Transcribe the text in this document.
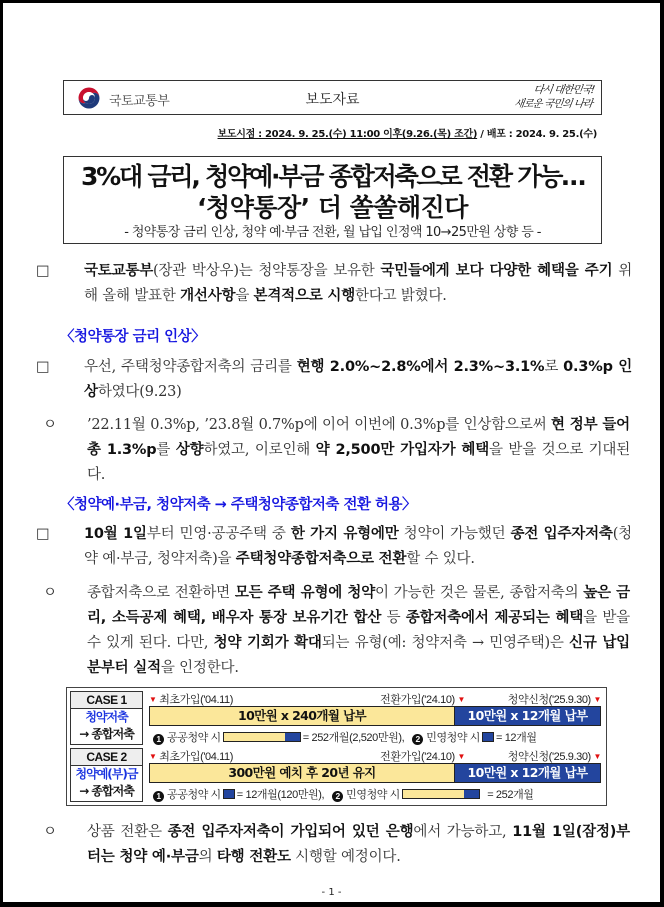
국토교통부	보도자료
다시 대한민국!
새로운 국민의 나라
보도시점 : 2024. 9. 25.(수) 11:00 이후(9.26.(목) 조간) / 배포 : 2024. 9. 25.(수)
3%대 금리, 청약예·부금 종합저축으로 전환 가능…
‘청약통장’ 더 쏠쏠해진다
- 청약통장 금리 인상, 청약 예·부금 전환, 월 납입 인정액 10→25만원 상향 등 -
□ 국토교통부(장관 박상우)는 청약통장을 보유한 국민들에게 보다 다양한 혜택을 주기 위해 올해 발표한 개선사항을 본격적으로 시행한다고 밝혔다.
〈청약통장 금리 인상〉
□ 우선, 주택청약종합저축의 금리를 현행 2.0%~2.8%에서 2.3%~3.1%로 0.3%p 인상하였다(9.23)
ㅇ ’22.11월 0.3%p, ’23.8월 0.7%p에 이어 이번에 0.3%p를 인상함으로써 현 정부 들어 총 1.3%p를 상향하였고, 이로인해 약 2,500만 가입자가 혜택을 받을 것으로 기대된다.
〈청약예·부금, 청약저축 → 주택청약종합저축 전환 허용〉
□ 10월 1일부터 민영·공공주택 중 한 가지 유형에만 청약이 가능했던 종전 입주자저축(청약 예·부금, 청약저축)을 주택청약종합저축으로 전환할 수 있다.
ㅇ 종합저축으로 전환하면 모든 주택 유형에 청약이 가능한 것은 물론, 종합저축의 높은 금리, 소득공제 혜택, 배우자 통장 보유기간 합산 등 종합저축에서 제공되는 혜택을 받을 수 있게 된다. 다만, 청약 기회가 확대되는 유형(예: 청약저축 → 민영주택)은 신규 납입분부터 실적을 인정한다.
CASE 1
청약저축
→ 종합저축
▼ 최초가입('04.11)	전환가입('24.10) ▼	청약신청('25.9.30) ▼
10만원 x 240개월 납부	10만원 x 12개월 납부
1 공공청약 시	= 252개월(2,520만원), 2 민영청약 시 = 12개월
CASE 2
청약예(부)금
→ 종합저축
▼ 최초가입('04.11)	전환가입('24.10) ▼	청약신청('25.9.30) ▼
300만원 예치 후 20년 유지	10만원 x 12개월 납부
1 공공청약 시 = 12개월(120만원), 2 민영청약 시	= 252개월
ㅇ 상품 전환은 종전 입주자저축이 가입되어 있던 은행에서 가능하고, 11월 1일(잠정)부터는 청약 예·부금의 타행 전환도 시행할 예정이다.
- 1 -
